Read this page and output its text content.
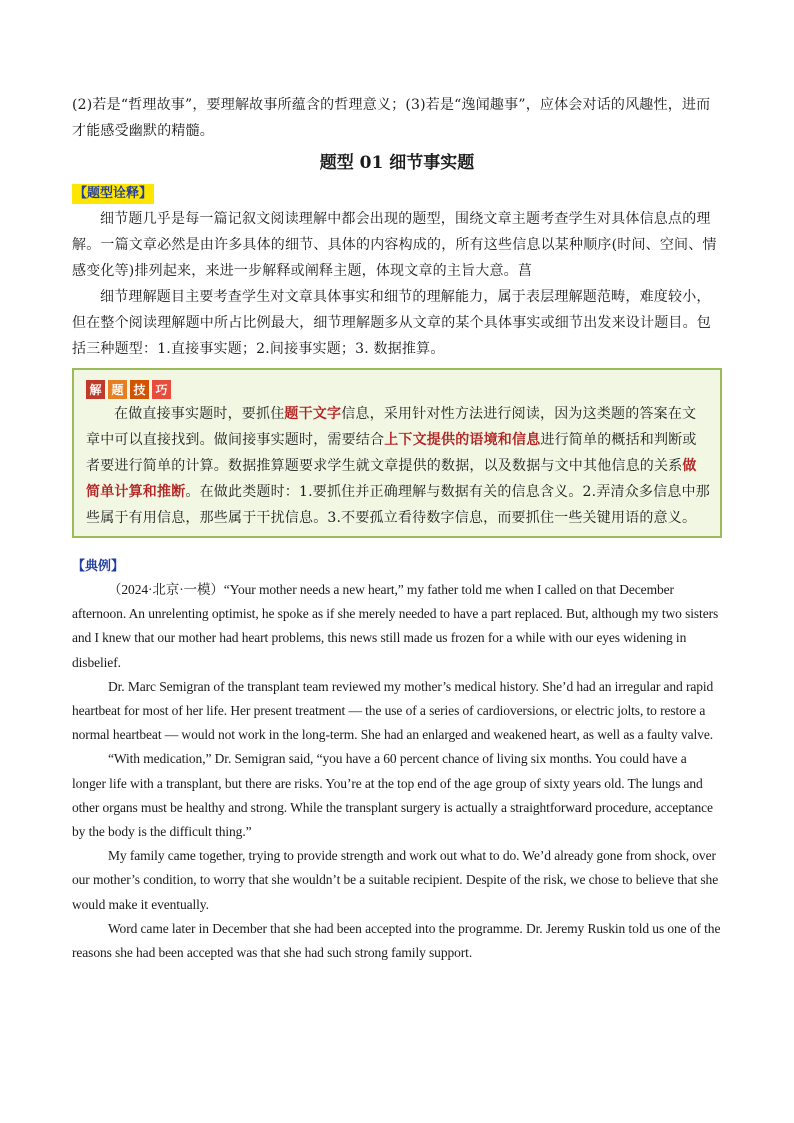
(2)若是“哲理故事”，要理解故事所蕴含的哲理意义；(3)若是“逸闻趣事”，应体会对话的风趣性，进而才能感受幽默的精髓。

题型 01 细节事实题

【题型诠释】

细节题几乎是每一篇记叙文阅读理解中都会出现的题型，围绕文章主题考查学生对具体信息点的理解。一篇文章必然是由许多具体的细节、具体的内容构成的，所有这些信息以某种顺序(时间、空间、情感变化等)排列起来，来进一步解释或阐释主题，体现文章的主旨大意。菖

细节理解题目主要考查学生对文章具体事实和细节的理解能力，属于表层理解题范畴，难度较小，但在整个阅读理解题中所占比例最大，细节理解题多从文章的某个具体事实或细节出发来设计题目。包括三种题型：1.直接事实题；2.间接事实题；3. 数据推算。

解 题 技 巧

在做直接事实题时，要抓住题干文字信息，采用针对性方法进行阅读，因为这类题的答案在文章中可以直接找到。做间接事实题时，需要结合上下文提供的语境和信息进行简单的概括和判断或者要进行简单的计算。数据推算题要求学生就文章提供的数据，以及数据与文中其他信息的关系做简单计算和推断。在做此类题时：1.要抓住并正确理解与数据有关的信息含义。2.弄清众多信息中那些属于有用信息，那些属于干扰信息。3.不要孤立看待数字信息，而要抓住一些关键用语的意义。

【典例】

（2024·北京·一模）“Your mother needs a new heart,” my father told me when I called on that December afternoon. An unrelenting optimist, he spoke as if she merely needed to have a part replaced. But, although my two sisters and I knew that our mother had heart problems, this news still made us frozen for a while with our eyes widening in disbelief.

Dr. Marc Semigran of the transplant team reviewed my mother’s medical history. She’d had an irregular and rapid heartbeat for most of her life. Her present treatment — the use of a series of cardioversions, or electric jolts, to restore a normal heartbeat — would not work in the long-term. She had an enlarged and weakened heart, as well as a faulty valve.

“With medication,” Dr. Semigran said, “you have a 60 percent chance of living six months. You could have a longer life with a transplant, but there are risks. You’re at the top end of the age group of sixty years old. The lungs and other organs must be healthy and strong. While the transplant surgery is actually a straightforward procedure, acceptance by the body is the difficult thing.”

My family came together, trying to provide strength and work out what to do. We’d already gone from shock, over our mother’s condition, to worry that she wouldn’t be a suitable recipient. Despite of the risk, we chose to believe that she would make it eventually.

Word came later in December that she had been accepted into the programme. Dr. Jeremy Ruskin told us one of the reasons she had been accepted was that she had such strong family support.
